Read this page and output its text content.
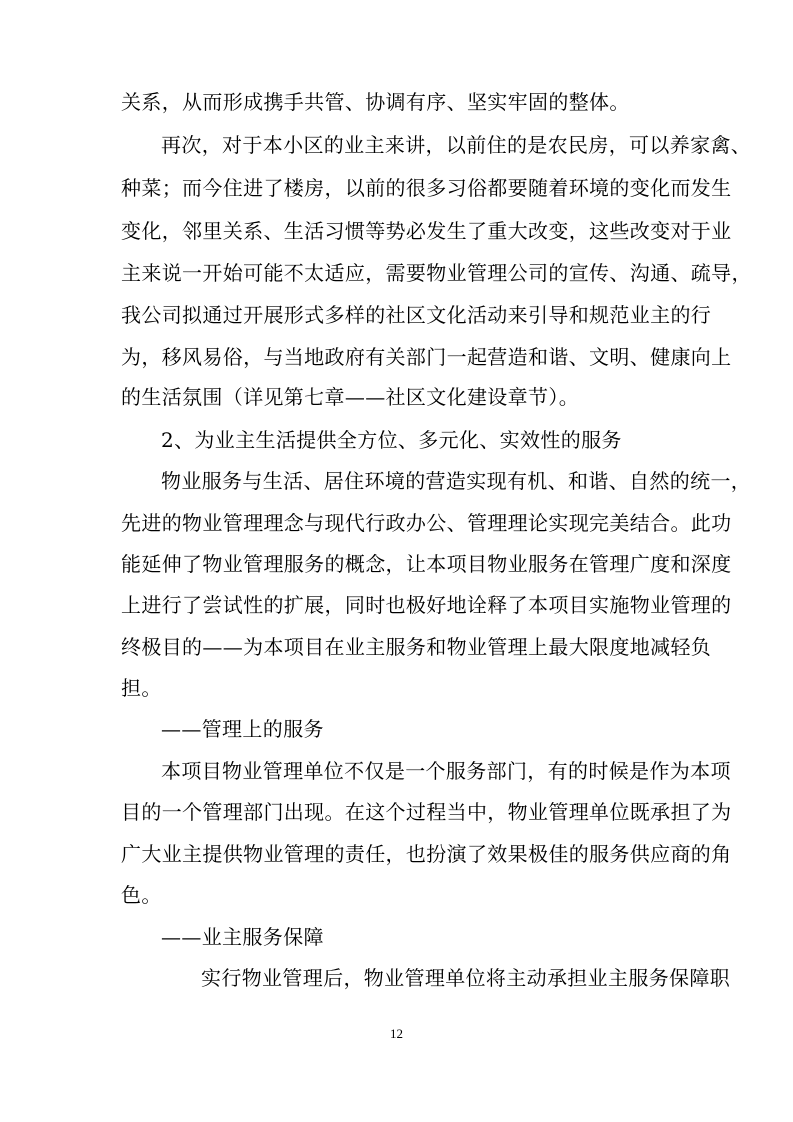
关系，从而形成携手共管、协调有序、坚实牢固的整体。
再次，对于本小区的业主来讲，以前住的是农民房，可以养家禽、
种菜；而今住进了楼房，以前的很多习俗都要随着环境的变化而发生
变化，邻里关系、生活习惯等势必发生了重大改变，这些改变对于业
主来说一开始可能不太适应，需要物业管理公司的宣传、沟通、疏导，
我公司拟通过开展形式多样的社区文化活动来引导和规范业主的行
为，移风易俗，与当地政府有关部门一起营造和谐、文明、健康向上
的生活氛围（详见第七章——社区文化建设章节）。
2、为业主生活提供全方位、多元化、实效性的服务
物业服务与生活、居住环境的营造实现有机、和谐、自然的统一，
先进的物业管理理念与现代行政办公、管理理论实现完美结合。此功
能延伸了物业管理服务的概念，让本项目物业服务在管理广度和深度
上进行了尝试性的扩展，同时也极好地诠释了本项目实施物业管理的
终极目的——为本项目在业主服务和物业管理上最大限度地减轻负
担。
——管理上的服务
本项目物业管理单位不仅是一个服务部门，有的时候是作为本项
目的一个管理部门出现。在这个过程当中，物业管理单位既承担了为
广大业主提供物业管理的责任，也扮演了效果极佳的服务供应商的角
色。
——业主服务保障
实行物业管理后，物业管理单位将主动承担业主服务保障职
12
